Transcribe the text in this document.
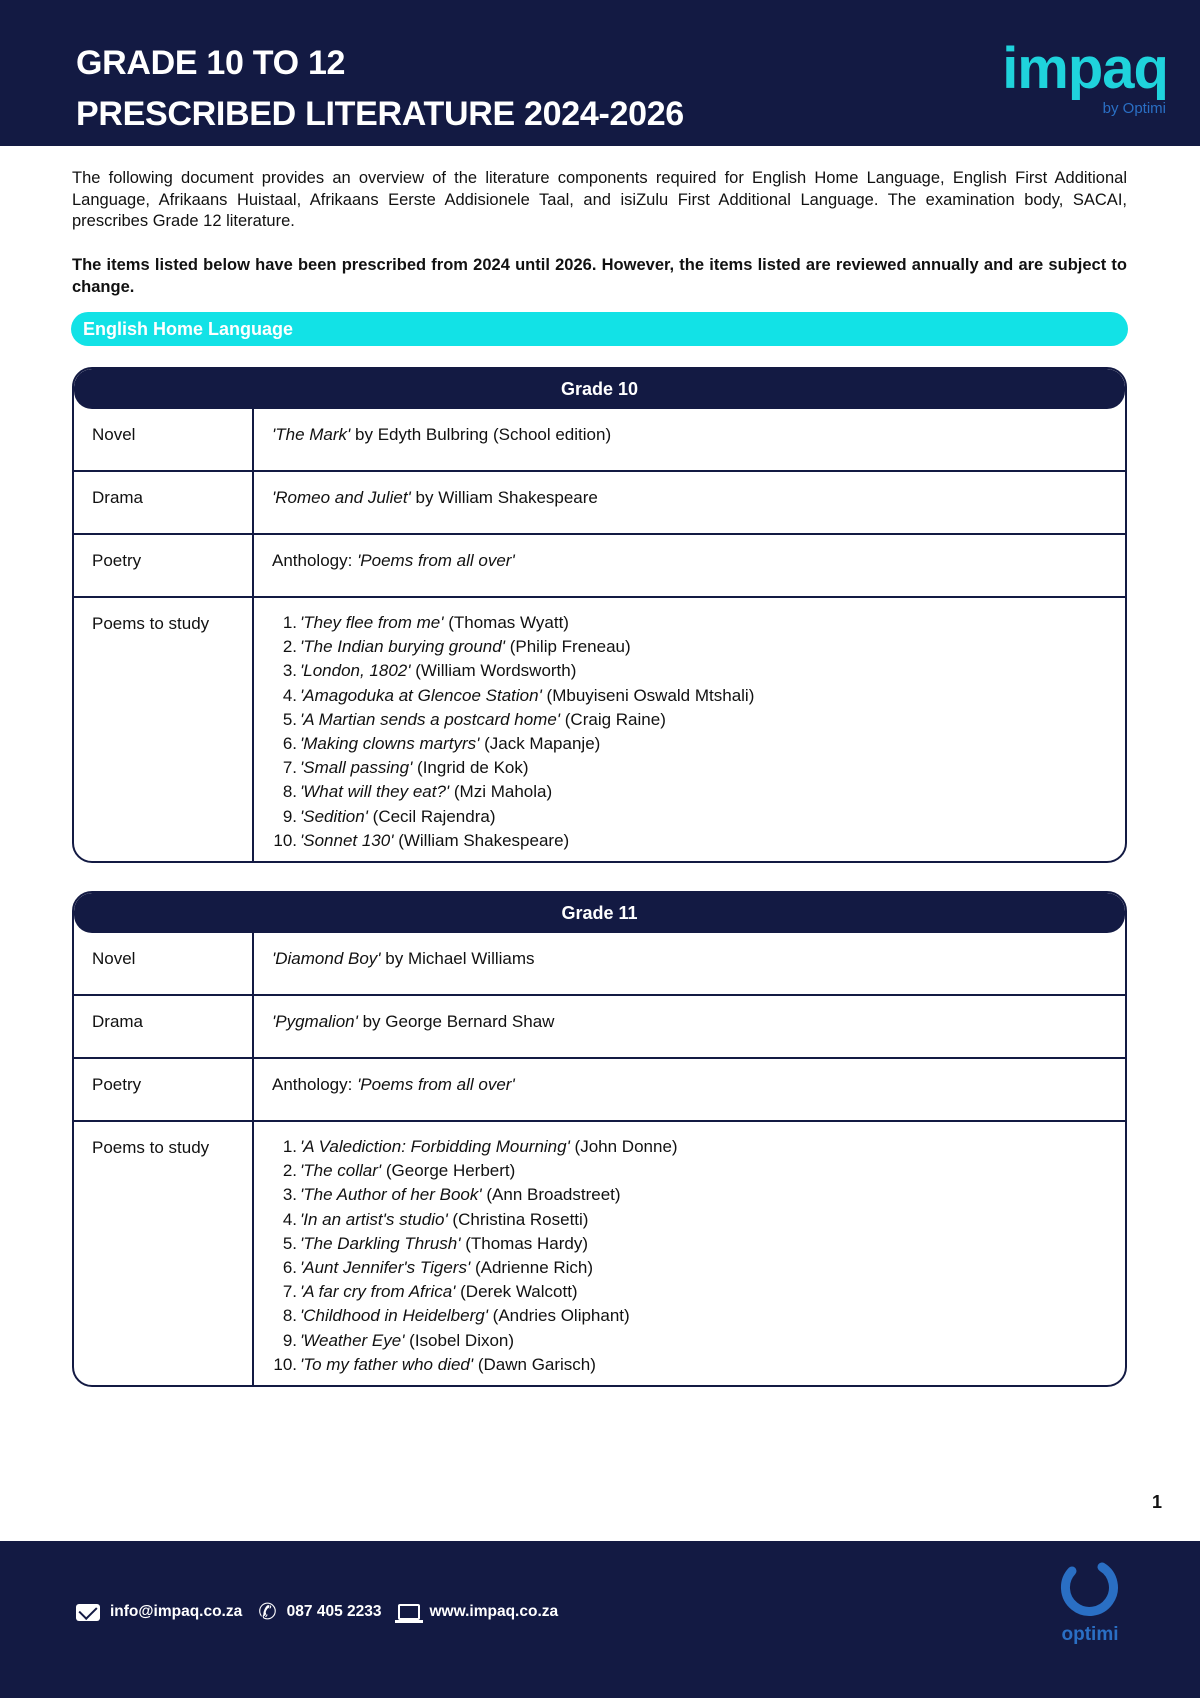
GRADE 10 TO 12
PRESCRIBED LITERATURE 2024-2026
impaq
by Optimi

The following document provides an overview of the literature components required for English Home Language, English First Additional Language, Afrikaans Huistaal, Afrikaans Eerste Addisionele Taal, and isiZulu First Additional Language. The examination body, SACAI, prescribes Grade 12 literature.

The items listed below have been prescribed from 2024 until 2026. However, the items listed are reviewed annually and are subject to change.

English Home Language
Grade 10
Novel	'The Mark' by Edyth Bulbring (School edition)
Drama	'Romeo and Juliet' by William Shakespeare
Poetry	Anthology: 'Poems from all over'
Poems to study	1. 'They flee from me' (Thomas Wyatt)
2. 'The Indian burying ground' (Philip Freneau)
3. 'London, 1802' (William Wordsworth)
4. 'Amagoduka at Glencoe Station' (Mbuyiseni Oswald Mtshali)
5. 'A Martian sends a postcard home' (Craig Raine)
6. 'Making clowns martyrs' (Jack Mapanje)
7. 'Small passing' (Ingrid de Kok)
8. 'What will they eat?' (Mzi Mahola)
9. 'Sedition' (Cecil Rajendra)
10. 'Sonnet 130' (William Shakespeare)
Grade 11
Novel	'Diamond Boy' by Michael Williams
Drama	'Pygmalion' by George Bernard Shaw
Poetry	Anthology: 'Poems from all over'
Poems to study	1. 'A Valediction: Forbidding Mourning' (John Donne)
2. 'The collar' (George Herbert)
3. 'The Author of her Book' (Ann Broadstreet)
4. 'In an artist's studio' (Christina Rosetti)
5. 'The Darkling Thrush' (Thomas Hardy)
6. 'Aunt Jennifer's Tigers' (Adrienne Rich)
7. 'A far cry from Africa' (Derek Walcott)
8. 'Childhood in Heidelberg' (Andries Oliphant)
9. 'Weather Eye' (Isobel Dixon)
10. 'To my father who died' (Dawn Garisch)
1
info@impaq.co.za ✆ 087 405 2233	www.impaq.co.za
optimi
